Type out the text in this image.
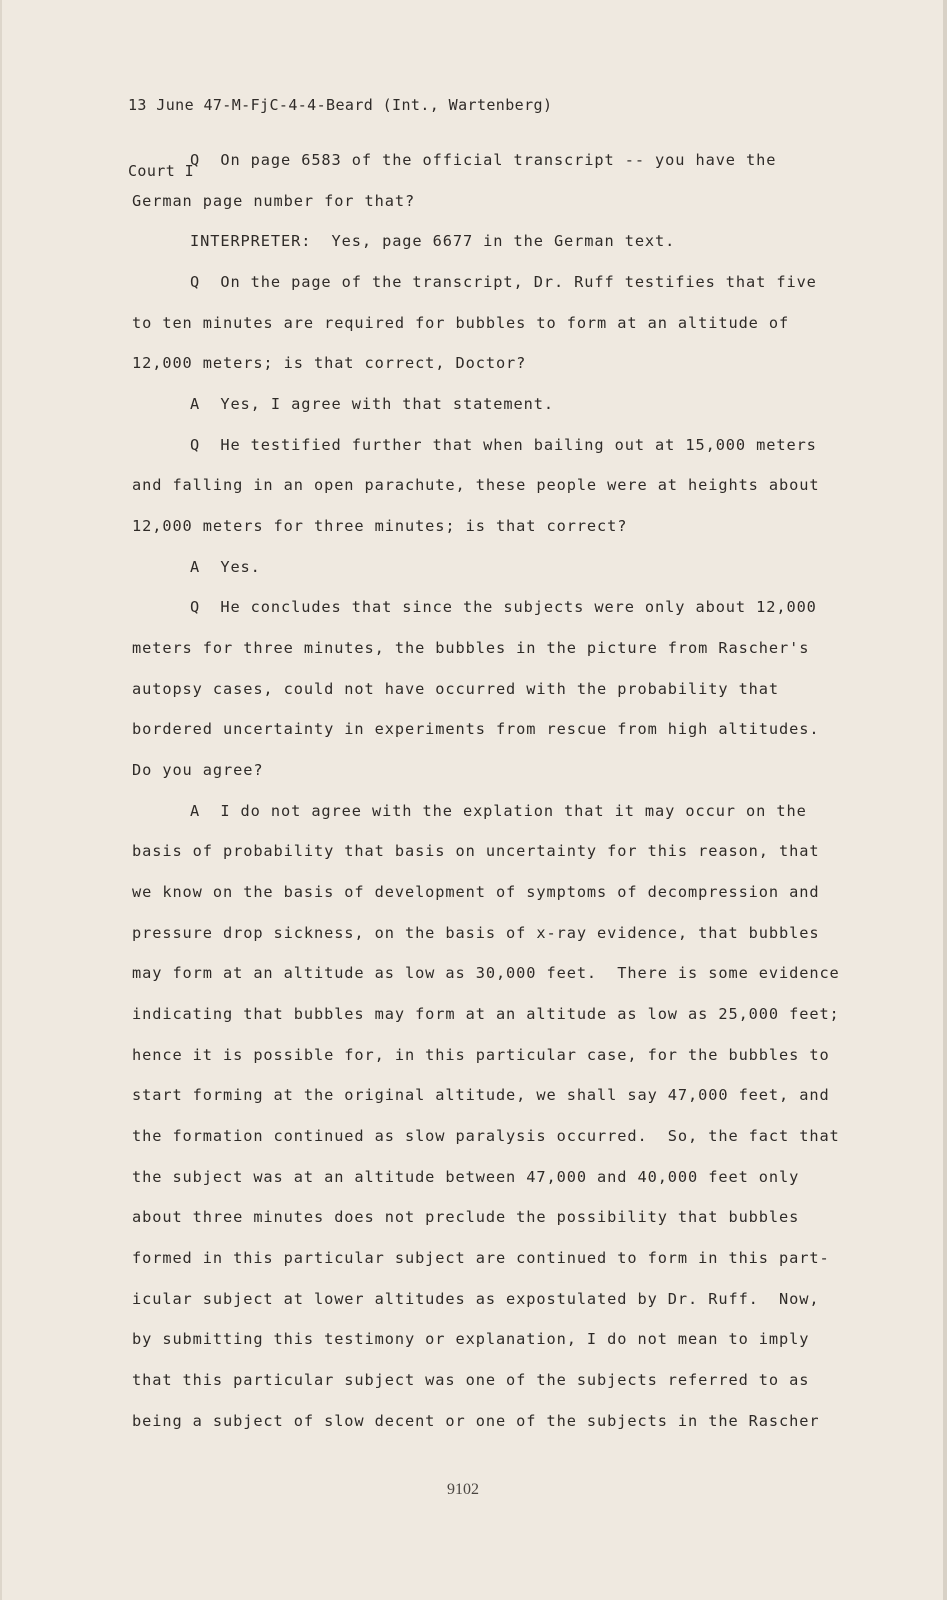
13 June 47-M-FjC-4-4-Beard (Int., Wartenberg)

Court I

Q  On page 6583 of the official transcript -- you have the
German page number for that?
INTERPRETER:  Yes, page 6677 in the German text.
Q  On the page of the transcript, Dr. Ruff testifies that five
to ten minutes are required for bubbles to form at an altitude of
12,000 meters; is that correct, Doctor?
A  Yes, I agree with that statement.
Q  He testified further that when bailing out at 15,000 meters
and falling in an open parachute, these people were at heights about
12,000 meters for three minutes; is that correct?
A  Yes.
Q  He concludes that since the subjects were only about 12,000
meters for three minutes, the bubbles in the picture from Rascher's
autopsy cases, could not have occurred with the probability that
bordered uncertainty in experiments from rescue from high altitudes.
Do you agree?
A  I do not agree with the explation that it may occur on the
basis of probability that basis on uncertainty for this reason, that
we know on the basis of development of symptoms of decompression and
pressure drop sickness, on the basis of x-ray evidence, that bubbles
may form at an altitude as low as 30,000 feet.  There is some evidence
indicating that bubbles may form at an altitude as low as 25,000 feet;
hence it is possible for, in this particular case, for the bubbles to
start forming at the original altitude, we shall say 47,000 feet, and
the formation continued as slow paralysis occurred.  So, the fact that
the subject was at an altitude between 47,000 and 40,000 feet only
about three minutes does not preclude the possibility that bubbles
formed in this particular subject are continued to form in this part-
icular subject at lower altitudes as expostulated by Dr. Ruff.  Now,
by submitting this testimony or explanation, I do not mean to imply
that this particular subject was one of the subjects referred to as
being a subject of slow decent or one of the subjects in the Rascher
9102
